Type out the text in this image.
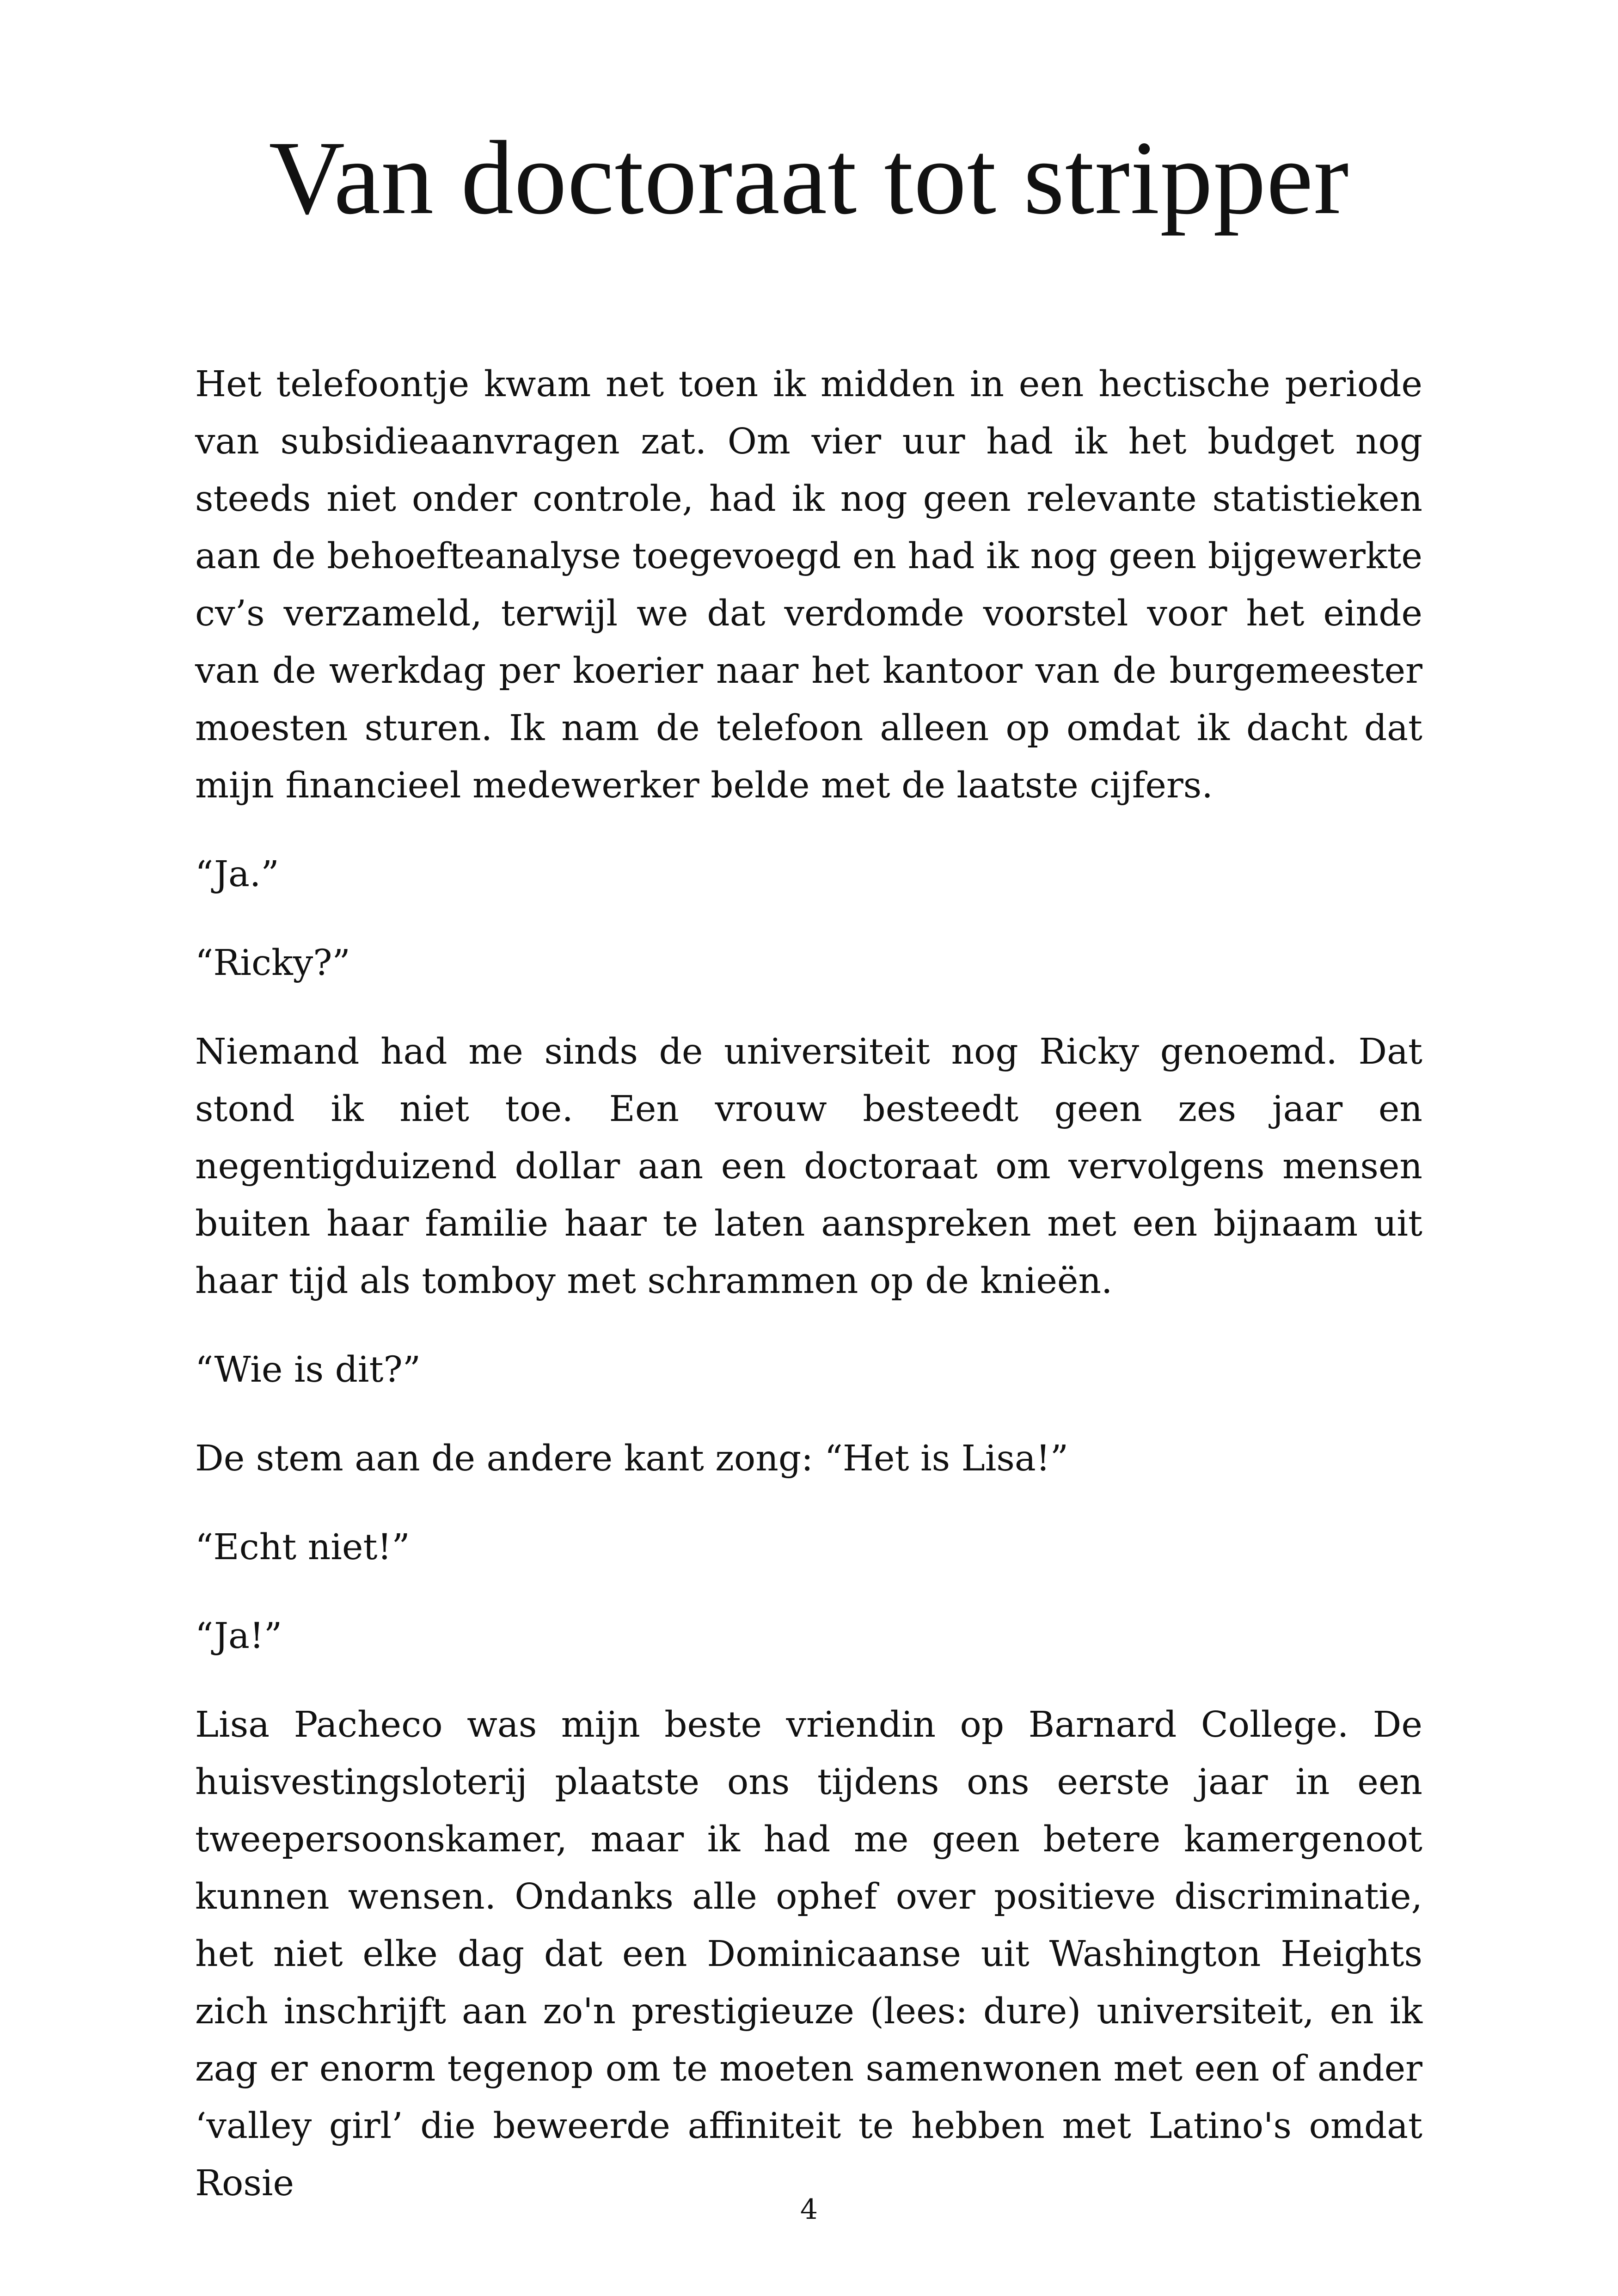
Van doctoraat tot stripper

Het telefoontje kwam net toen ik midden in een hectische periode van subsidieaanvragen zat. Om vier uur had ik het budget nog steeds niet onder controle, had ik nog geen relevante statistieken aan de behoefteanalyse toegevoegd en had ik nog geen bijgewerkte cv’s verzameld, terwijl we dat verdomde voorstel voor het einde van de werkdag per koerier naar het kantoor van de burgemeester moesten sturen. Ik nam de telefoon alleen op omdat ik dacht dat mijn financieel medewerker belde met de laatste cijfers.

“Ja.”

“Ricky?”

Niemand had me sinds de universiteit nog Ricky genoemd. Dat stond ik niet toe. Een vrouw besteedt geen zes jaar en negentigduizend dollar aan een doctoraat om vervolgens mensen buiten haar familie haar te laten aanspreken met een bijnaam uit haar tijd als tomboy met schrammen op de knieën.

“Wie is dit?”

De stem aan de andere kant zong: “Het is Lisa!”

“Echt niet!”

“Ja!”

Lisa Pacheco was mijn beste vriendin op Barnard College. De huisvestingsloterij plaatste ons tijdens ons eerste jaar in een tweepersoonskamer, maar ik had me geen betere kamergenoot kunnen wensen. Ondanks alle ophef over positieve discriminatie, het niet elke dag dat een Dominicaanse uit Washington Heights zich inschrijft aan zo'n prestigieuze (lees: dure) universiteit, en ik zag er enorm tegenop om te moeten samenwonen met een of ander ‘valley girl’ die beweerde affiniteit te hebben met Latino's omdat Rosie

4
